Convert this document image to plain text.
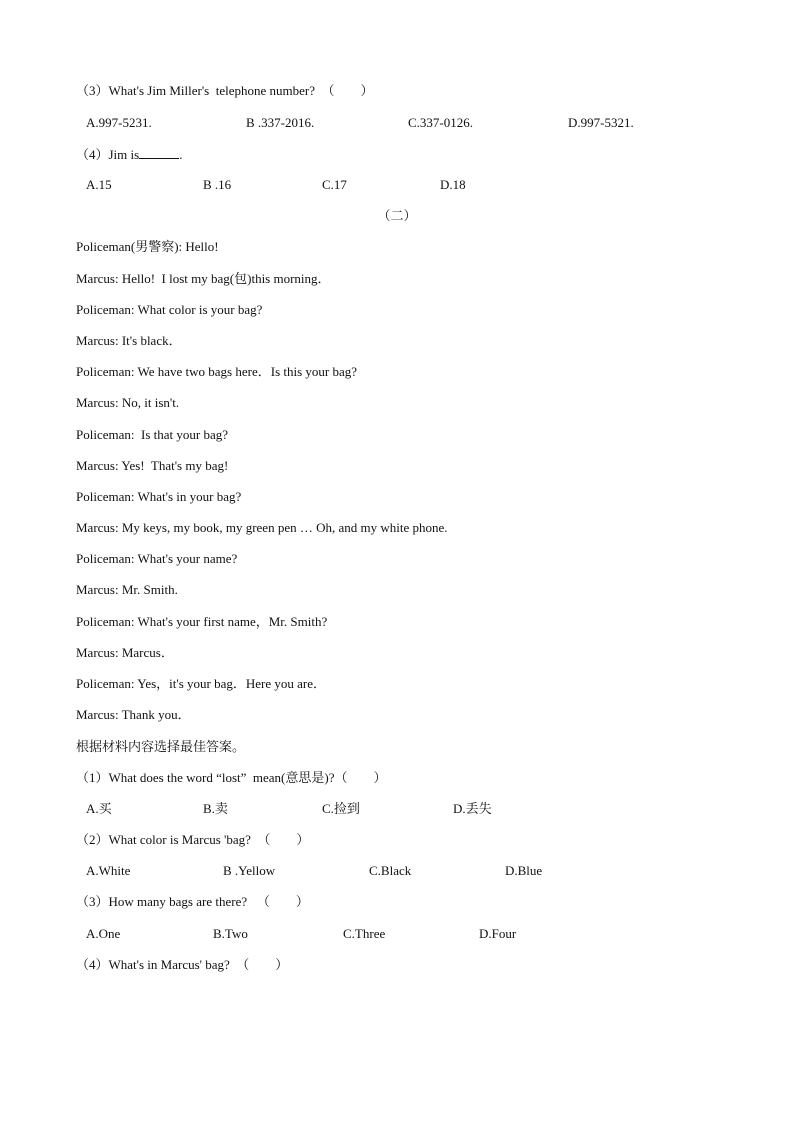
（3）What's Jim Miller's  telephone number?  （        ）
A.997-5231.	B .337-2016.	C.337-0126.	D.997-5321.
（4）Jim is	.
A.15	B .16	C.17	D.18
（二）
Policeman(男警察): Hello!
Marcus: Hello!  I lost my bag(包)this morning．
Policeman: What color is your bag?
Marcus: It's black．
Policeman: We have two bags here．Is this your bag?
Marcus: No, it isn't.
Policeman:  Is that your bag?
Marcus: Yes!  That's my bag!
Policeman: What's in your bag?
Marcus: My keys, my book, my green pen … Oh, and my white phone.
Policeman: What's your name?
Marcus: Mr. Smith.
Policeman: What's your first name，Mr. Smith?
Marcus: Marcus．
Policeman: Yes，it's your bag．Here you are．
Marcus: Thank you．
根据材料内容选择最佳答案。
（1）What does the word “lost”  mean(意思是)?（        ）
A.买	B.卖	C.捡到	D.丢失
（2）What color is Marcus 'bag?  （        ）
A.White	B .Yellow	C.Black	D.Blue
（3）How many bags are there?   （        ）
A.One	B.Two	C.Three	D.Four
（4）What's in Marcus' bag?  （        ）
